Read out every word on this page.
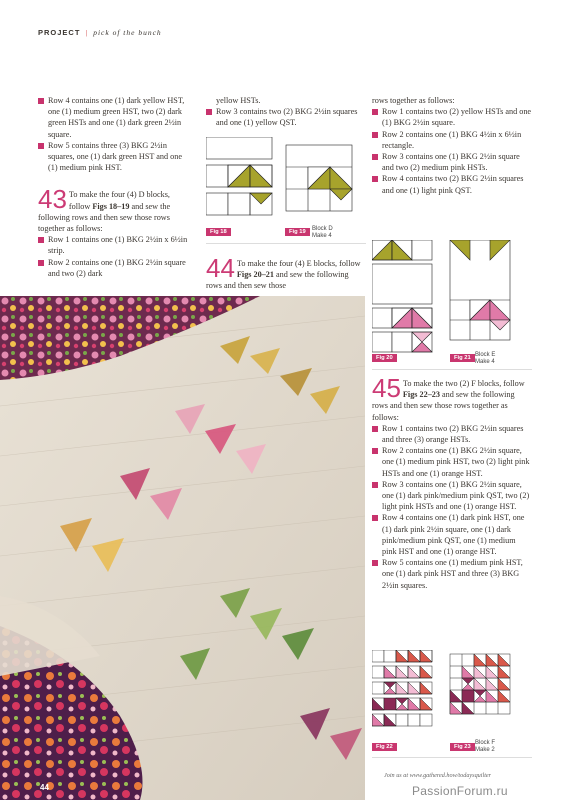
PROJECT | pick of the bunch
Row 4 contains one (1) dark yellow HST, one (1) medium green HST, two (2) dark green HSTs and one (1) dark green 2½in square.
Row 5 contains three (3) BKG 2½in squares, one (1) dark green HST and one (1) medium pink HST.
43 To make the four (4) D blocks, follow Figs 18–19 and sew the following rows and then sew those rows together as follows:
Row 1 contains one (1) BKG 2½in x 6½in strip.
Row 2 contains one (1) BKG 2½in square and two (2) dark
yellow HSTs.
Row 3 contains two (2) BKG 2½in squares and one (1) yellow QST.
Fig 18	Fig 19	Block D
Make 4
44 To make the four (4) E blocks, follow Figs 20–21 and sew the following rows and then sew those
rows together as follows:
Row 1 contains two (2) yellow HSTs and one (1) BKG 2½in square.
Row 2 contains one (1) BKG 4½in x 6½in rectangle.
Row 3 contains one (1) BKG 2½in square and two (2) medium pink HSTs.
Row 4 contains two (2) BKG 2½in squares and one (1) light pink QST.
Fig 20	Fig 21 Block E
Make 4
45 To make the two (2) F blocks, follow Figs 22–23 and sew the following rows and then sew those rows together as follows:
Row 1 contains two (2) BKG 2½in squares and three (3) orange HSTs.
Row 2 contains one (1) BKG 2½in square, one (1) medium pink HST, two (2) light pink HSTs and one (1) orange HST.
Row 3 contains one (1) BKG 2½in square, one (1) dark pink/medium pink QST, two (2) light pink HSTs and one (1) orange HST.
Row 4 contains one (1) dark pink HST, one (1) dark pink 2½in square, one (1) dark pink/medium pink QST, one (1) medium pink HST and one (1) orange HST.
Row 5 contains one (1) medium pink HST, one (1) dark pink HST and three (3) BKG 2½in squares.
Fig 22	Fig 23
Block F
Make 2
44
Join us at www.gathered.how/todaysquilter
PassionForum.ru
